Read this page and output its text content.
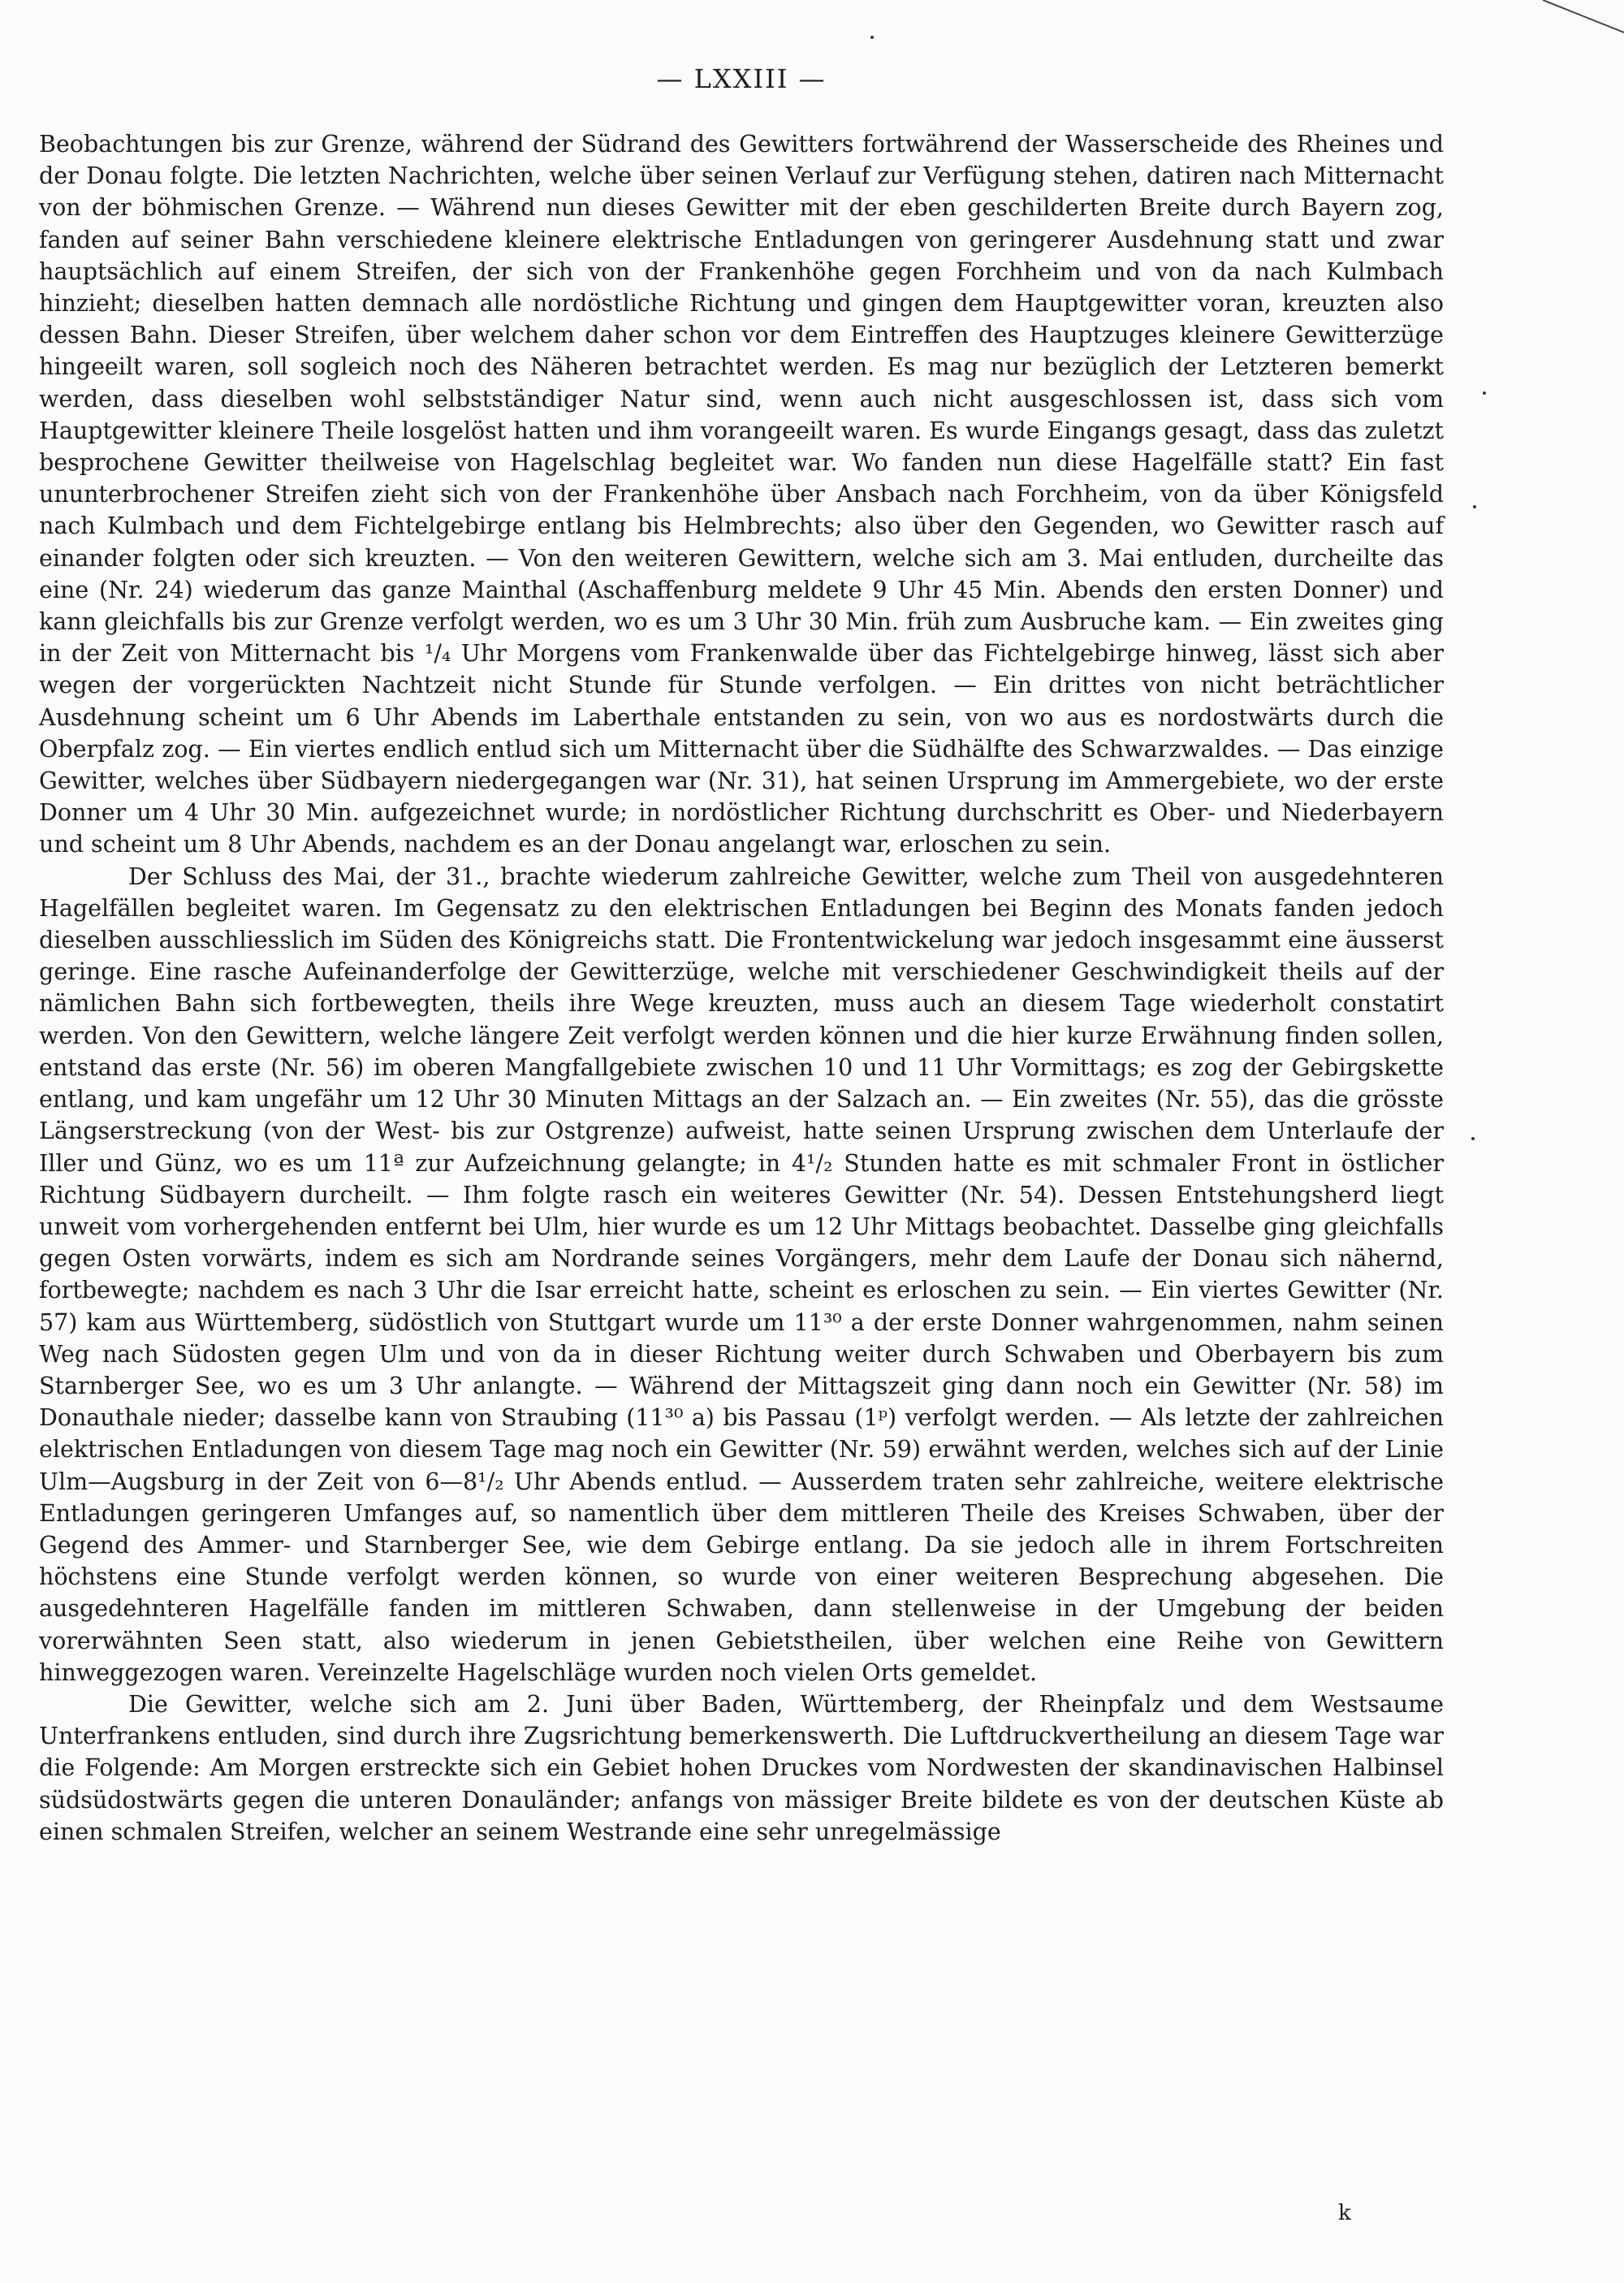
— LXXIII —

Beobachtungen bis zur Grenze, während der Südrand des Gewitters fortwährend der Wasserscheide des Rheines und der Donau folgte. Die letzten Nachrichten, welche über seinen Verlauf zur Verfügung stehen, datiren nach Mitternacht von der böhmischen Grenze. — Während nun dieses Gewitter mit der eben geschilderten Breite durch Bayern zog, fanden auf seiner Bahn verschiedene kleinere elektrische Entladungen von geringerer Ausdehnung statt und zwar hauptsächlich auf einem Streifen, der sich von der Frankenhöhe gegen Forchheim und von da nach Kulmbach hinzieht; dieselben hatten demnach alle nordöstliche Richtung und gingen dem Hauptgewitter voran, kreuzten also dessen Bahn. Dieser Streifen, über welchem daher schon vor dem Eintreffen des Hauptzuges kleinere Gewitterzüge hingeeilt waren, soll sogleich noch des Näheren betrachtet werden. Es mag nur bezüglich der Letzteren bemerkt werden, dass dieselben wohl selbstständiger Natur sind, wenn auch nicht ausgeschlossen ist, dass sich vom Hauptgewitter kleinere Theile losgelöst hatten und ihm vorangeeilt waren. Es wurde Eingangs gesagt, dass das zuletzt besprochene Gewitter theilweise von Hagelschlag begleitet war. Wo fanden nun diese Hagelfälle statt? Ein fast ununterbrochener Streifen zieht sich von der Frankenhöhe über Ansbach nach Forchheim, von da über Königsfeld nach Kulmbach und dem Fichtelgebirge entlang bis Helmbrechts; also über den Gegenden, wo Gewitter rasch auf einander folgten oder sich kreuzten. — Von den weiteren Gewittern, welche sich am 3. Mai entluden, durcheilte das eine (Nr. 24) wiederum das ganze Mainthal (Aschaffenburg meldete 9 Uhr 45 Min. Abends den ersten Donner) und kann gleichfalls bis zur Grenze verfolgt werden, wo es um 3 Uhr 30 Min. früh zum Ausbruche kam. — Ein zweites ging in der Zeit von Mitternacht bis ¹/₄ Uhr Morgens vom Frankenwalde über das Fichtelgebirge hinweg, lässt sich aber wegen der vorgerückten Nachtzeit nicht Stunde für Stunde verfolgen. — Ein drittes von nicht beträchtlicher Ausdehnung scheint um 6 Uhr Abends im Laberthale entstanden zu sein, von wo aus es nordostwärts durch die Oberpfalz zog. — Ein viertes endlich entlud sich um Mitternacht über die Südhälfte des Schwarzwaldes. — Das einzige Gewitter, welches über Südbayern niedergegangen war (Nr. 31), hat seinen Ursprung im Ammergebiete, wo der erste Donner um 4 Uhr 30 Min. aufgezeichnet wurde; in nordöstlicher Richtung durchschritt es Ober- und Niederbayern und scheint um 8 Uhr Abends, nachdem es an der Donau angelangt war, erloschen zu sein.

Der Schluss des Mai, der 31., brachte wiederum zahlreiche Gewitter, welche zum Theil von ausgedehnteren Hagelfällen begleitet waren. Im Gegensatz zu den elektrischen Entladungen bei Beginn des Monats fanden jedoch dieselben ausschliesslich im Süden des Königreichs statt. Die Frontentwickelung war jedoch insgesammt eine äusserst geringe. Eine rasche Aufeinanderfolge der Gewitterzüge, welche mit verschiedener Geschwindigkeit theils auf der nämlichen Bahn sich fortbewegten, theils ihre Wege kreuzten, muss auch an diesem Tage wiederholt constatirt werden. Von den Gewittern, welche längere Zeit verfolgt werden können und die hier kurze Erwähnung finden sollen, entstand das erste (Nr. 56) im oberen Mangfallgebiete zwischen 10 und 11 Uhr Vormittags; es zog der Gebirgskette entlang, und kam ungefähr um 12 Uhr 30 Minuten Mittags an der Salzach an. — Ein zweites (Nr. 55), das die grösste Längserstreckung (von der West- bis zur Ostgrenze) aufweist, hatte seinen Ursprung zwischen dem Unterlaufe der Iller und Günz, wo es um 11ª zur Aufzeichnung gelangte; in 4¹/₂ Stunden hatte es mit schmaler Front in östlicher Richtung Südbayern durcheilt. — Ihm folgte rasch ein weiteres Gewitter (Nr. 54). Dessen Entstehungsherd liegt unweit vom vorhergehenden entfernt bei Ulm, hier wurde es um 12 Uhr Mittags beobachtet. Dasselbe ging gleichfalls gegen Osten vorwärts, indem es sich am Nordrande seines Vorgängers, mehr dem Laufe der Donau sich nähernd, fortbewegte; nachdem es nach 3 Uhr die Isar erreicht hatte, scheint es erloschen zu sein. — Ein viertes Gewitter (Nr. 57) kam aus Württemberg, südöstlich von Stuttgart wurde um 11³⁰ a der erste Donner wahrgenommen, nahm seinen Weg nach Südosten gegen Ulm und von da in dieser Richtung weiter durch Schwaben und Oberbayern bis zum Starnberger See, wo es um 3 Uhr anlangte. — Während der Mittagszeit ging dann noch ein Gewitter (Nr. 58) im Donauthale nieder; dasselbe kann von Straubing (11³⁰ a) bis Passau (1ᵖ) verfolgt werden. — Als letzte der zahlreichen elektrischen Entladungen von diesem Tage mag noch ein Gewitter (Nr. 59) erwähnt werden, welches sich auf der Linie Ulm—Augsburg in der Zeit von 6—8¹/₂ Uhr Abends entlud. — Ausserdem traten sehr zahlreiche, weitere elektrische Entladungen geringeren Umfanges auf, so namentlich über dem mittleren Theile des Kreises Schwaben, über der Gegend des Ammer- und Starnberger See, wie dem Gebirge entlang. Da sie jedoch alle in ihrem Fortschreiten höchstens eine Stunde verfolgt werden können, so wurde von einer weiteren Besprechung abgesehen. Die ausgedehnteren Hagelfälle fanden im mittleren Schwaben, dann stellenweise in der Umgebung der beiden vorerwähnten Seen statt, also wiederum in jenen Gebietstheilen, über welchen eine Reihe von Gewittern hinweggezogen waren. Vereinzelte Hagelschläge wurden noch vielen Orts gemeldet.

Die Gewitter, welche sich am 2. Juni über Baden, Württemberg, der Rheinpfalz und dem Westsaume Unterfrankens entluden, sind durch ihre Zugsrichtung bemerkenswerth. Die Luftdruckvertheilung an diesem Tage war die Folgende: Am Morgen erstreckte sich ein Gebiet hohen Druckes vom Nordwesten der skandinavischen Halbinsel südsüdostwärts gegen die unteren Donauländer; anfangs von mässiger Breite bildete es von der deutschen Küste ab einen schmalen Streifen, welcher an seinem Westrande eine sehr unregelmässige

k
